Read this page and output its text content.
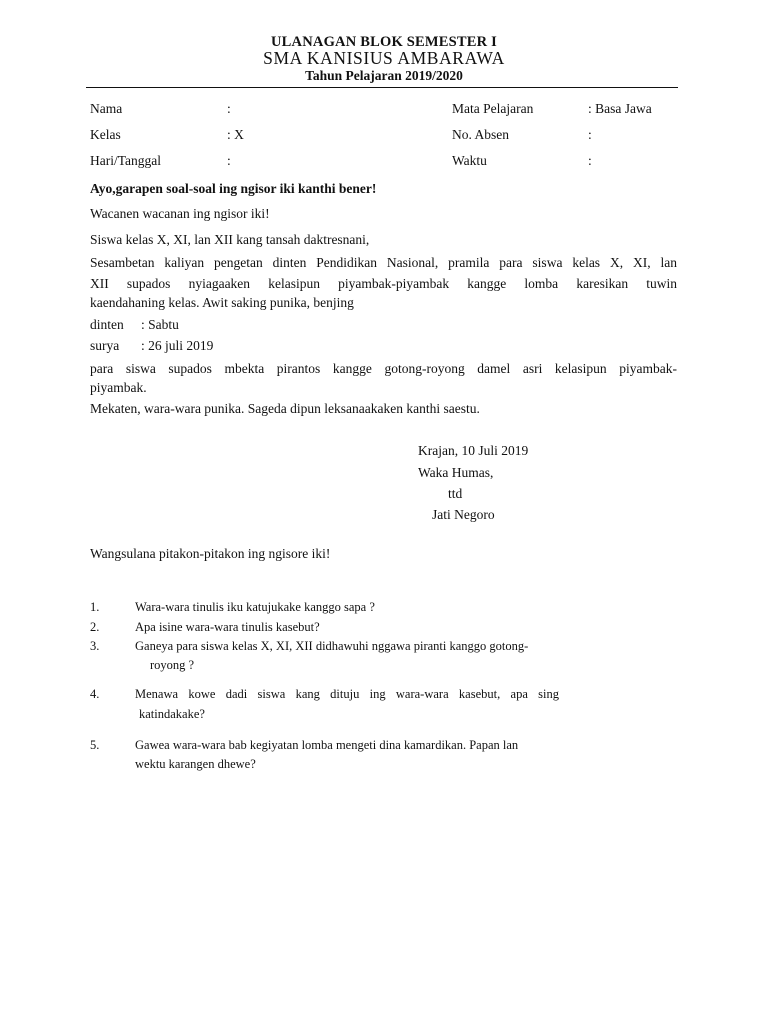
ULANAGAN BLOK SEMESTER I
SMA KANISIUS AMBARAWA
Tahun Pelajaran 2019/2020
Nama	:	Mata Pelajaran	: Basa Jawa
Kelas	: X	No. Absen	:
Hari/Tanggal	:	Waktu	:
Ayo,garapen soal-soal ing ngisor iki kanthi bener!
Wacanen wacanan ing ngisor iki!
Siswa kelas X, XI, lan XII kang tansah daktresnani,
Sesambetan kaliyan pengetan dinten Pendidikan Nasional, pramila para siswa kelas X, XI, lan
XII supados nyiagaaken kelasipun piyambak-piyambak kangge lomba karesikan tuwin
kaendahaning kelas. Awit saking punika, benjing
dinten : Sabtu
surya : 26 juli 2019
para siswa supados mbekta pirantos kangge gotong-royong damel asri kelasipun piyambak-
piyambak.
Mekaten, wara-wara punika. Sageda dipun leksanaakaken kanthi saestu.
Krajan, 10 Juli 2019
Waka Humas,
ttd
Jati Negoro
Wangsulana pitakon-pitakon ing ngisore iki!
1.	Wara-wara tinulis iku katujukake kanggo sapa ?
2.	Apa isine wara-wara tinulis kasebut?
3.	Ganeya para siswa kelas X, XI, XII didhawuhi nggawa piranti kanggo gotong-
royong ?
4.	Menawa kowe dadi siswa kang dituju ing wara-wara kasebut, apa sing
katindakake?
5.	Gawea wara-wara bab kegiyatan lomba mengeti dina kamardikan. Papan lan
wektu karangen dhewe?
